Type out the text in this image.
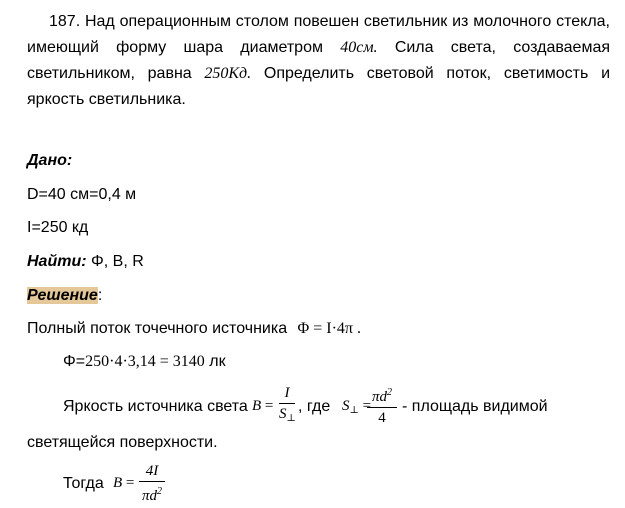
187. Над операционным столом повешен светильник из молочного стекла,
имеющий форму шара диаметром 40см. Сила света, создаваемая
светильником, равна 250Кд. Определить световой поток, светимость и
яркость светильника.
Дано:
D=40 см=0,4 м
I=250 кд
Найти: Φ, B, R
Решение:
Полный поток точечного источника Φ = I·4π .
Φ=250·4·3,14 = 3140 лк
Яркость источника света B =
I
$S_\perp$
, где $S_\perp$ =
$\pi d^2$
4
- площадь видимой
светящейся поверхности.
Тогда B =
4I
$\pi d^2$
